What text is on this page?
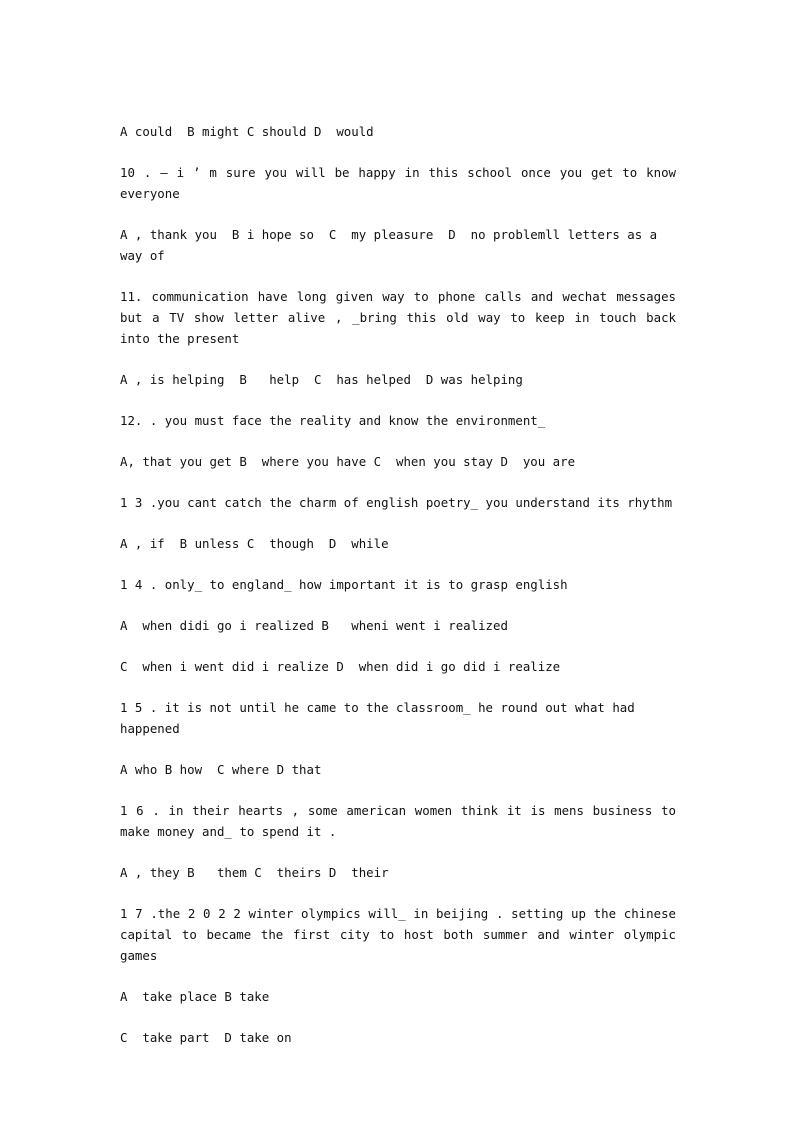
A could  B might C should D  would

10 . – i ’ m sure you will be happy in this school once you get to know everyone

A , thank you  B i hope so  C  my pleasure  D  no problemll letters as a way of

11. communication have long given way to phone calls and wechat messages but a TV show letter alive , _bring this old way to keep in touch back into the present

A , is helping  B   help  C  has helped  D was helping

12. . you must face the reality and know the environment_

A, that you get B  where you have C  when you stay D  you are

1 3 .you cant catch the charm of english poetry_ you understand its rhythm

A , if  B unless C  though  D  while

1 4 . only_ to england_ how important it is to grasp english

A  when didi go i realized B   wheni went i realized

C  when i went did i realize D  when did i go did i realize

1 5 . it is not until he came to the classroom_ he round out what had happened

A who B how  C where D that

1 6 . in their hearts , some american women think it is mens business to make money and_ to spend it .

A , they B   them C  theirs D  their

1 7 .the 2 0 2 2 winter olympics will_ in beijing . setting up the chinese capital to became the first city to host both summer and winter olympic games

A  take place B take

C  take part  D take on
